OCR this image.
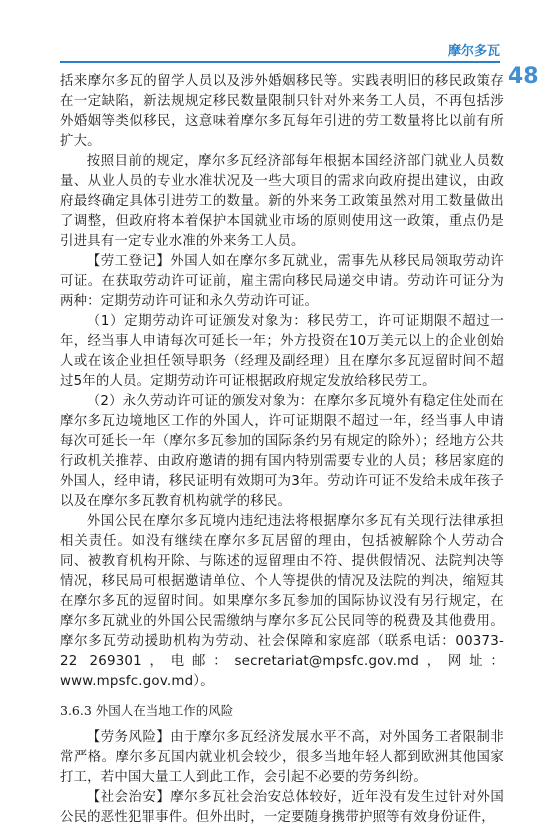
摩尔多瓦
48

括来摩尔多瓦的留学人员以及涉外婚姻移民等。实践表明旧的移民政策存在一定缺陷，新法规规定移民数量限制只针对外来务工人员，不再包括涉外婚姻等类似移民，这意味着摩尔多瓦每年引进的劳工数量将比以前有所扩大。

按照目前的规定，摩尔多瓦经济部每年根据本国经济部门就业人员数量、从业人员的专业水准状况及一些大项目的需求向政府提出建议，由政府最终确定具体引进劳工的数量。新的外来务工政策虽然对用工数量做出了调整，但政府将本着保护本国就业市场的原则使用这一政策，重点仍是引进具有一定专业水准的外来务工人员。

【劳工登记】外国人如在摩尔多瓦就业，需事先从移民局领取劳动许可证。在获取劳动许可证前，雇主需向移民局递交申请。劳动许可证分为两种：定期劳动许可证和永久劳动许可证。

（1）定期劳动许可证颁发对象为：移民劳工，许可证期限不超过一年，经当事人申请每次可延长一年；外方投资在10万美元以上的企业创始人或在该企业担任领导职务（经理及副经理）且在摩尔多瓦逗留时间不超过5年的人员。定期劳动许可证根据政府规定发放给移民劳工。

（2）永久劳动许可证的颁发对象为：在摩尔多瓦境外有稳定住处而在摩尔多瓦边境地区工作的外国人，许可证期限不超过一年，经当事人申请每次可延长一年（摩尔多瓦参加的国际条约另有规定的除外）；经地方公共行政机关推荐、由政府邀请的拥有国内特别需要专业的人员；移居家庭的外国人，经申请，移民证明有效期可为3年。劳动许可证不发给未成年孩子以及在摩尔多瓦教育机构就学的移民。

外国公民在摩尔多瓦境内违纪违法将根据摩尔多瓦有关现行法律承担相关责任。如没有继续在摩尔多瓦居留的理由，包括被解除个人劳动合同、被教育机构开除、与陈述的逗留理由不符、提供假情况、法院判决等情况，移民局可根据邀请单位、个人等提供的情况及法院的判决，缩短其在摩尔多瓦的逗留时间。如果摩尔多瓦参加的国际协议没有另行规定，在摩尔多瓦就业的外国公民需缴纳与摩尔多瓦公民同等的税费及其他费用。摩尔多瓦劳动援助机构为劳动、社会保障和家庭部（联系电话：00373- 22 269301，电邮：secretariat@mpsfc.gov.md，网址：www.mpsfc.gov.md）。

3.6.3 外国人在当地工作的风险

【劳务风险】由于摩尔多瓦经济发展水平不高，对外国务工者限制非常严格。摩尔多瓦国内就业机会较少，很多当地年轻人都到欧洲其他国家打工，若中国大量工人到此工作，会引起不必要的劳务纠纷。

【社会治安】摩尔多瓦社会治安总体较好，近年没有发生过针对外国公民的恶性犯罪事件。但外出时，一定要随身携带护照等有效身份证件，
